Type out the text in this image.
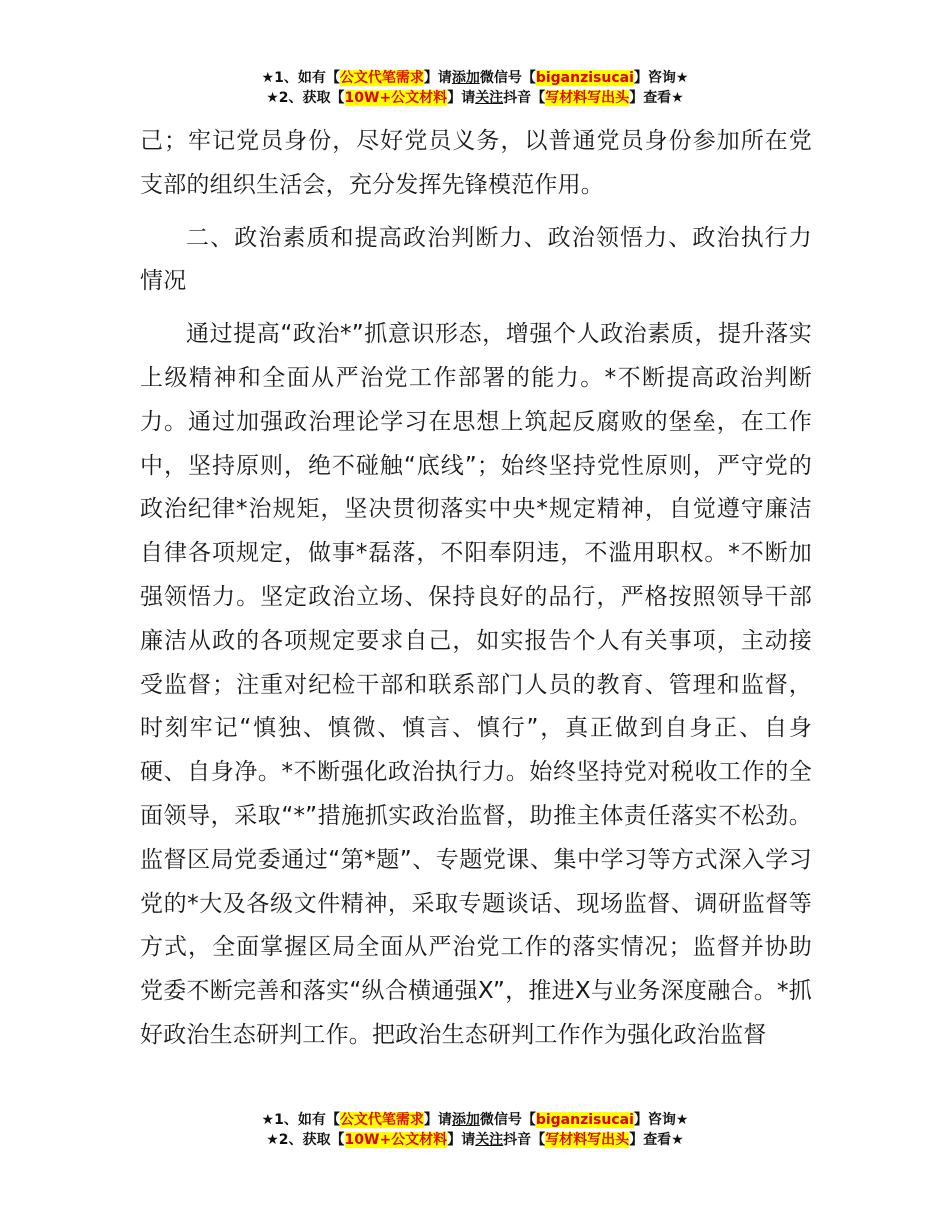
★1、如有【公文代笔需求】请添加微信号【biganzisucai】咨询★
★2、获取【10W+公文材料】请关注抖音【写材料写出头】查看★

己；牢记党员身份，尽好党员义务，以普通党员身份参加所在党支部的组织生活会，充分发挥先锋模范作用。

二、政治素质和提高政治判断力、政治领悟力、政治执行力情况

通过提高“政治*”抓意识形态，增强个人政治素质，提升落实上级精神和全面从严治党工作部署的能力。*不断提高政治判断力。通过加强政治理论学习在思想上筑起反腐败的堡垒，在工作中，坚持原则，绝不碰触“底线”；始终坚持党性原则，严守党的政治纪律*治规矩，坚决贯彻落实中央*规定精神，自觉遵守廉洁自律各项规定，做事*磊落，不阳奉阴违，不滥用职权。*不断加强领悟力。坚定政治立场、保持良好的品行，严格按照领导干部廉洁从政的各项规定要求自己，如实报告个人有关事项，主动接受监督；注重对纪检干部和联系部门人员的教育、管理和监督，时刻牢记“慎独、慎微、慎言、慎行”，真正做到自身正、自身硬、自身净。*不断强化政治执行力。始终坚持党对税收工作的全面领导，采取“*”措施抓实政治监督，助推主体责任落实不松劲。监督区局党委通过“第*题”、专题党课、集中学习等方式深入学习党的*大及各级文件精神，采取专题谈话、现场监督、调研监督等方式，全面掌握区局全面从严治党工作的落实情况；监督并协助党委不断完善和落实“纵合横通强X”，推进X与业务深度融合。*抓好政治生态研判工作。把政治生态研判工作作为强化政治监督

★1、如有【公文代笔需求】请添加微信号【biganzisucai】咨询★
★2、获取【10W+公文材料】请关注抖音【写材料写出头】查看★
